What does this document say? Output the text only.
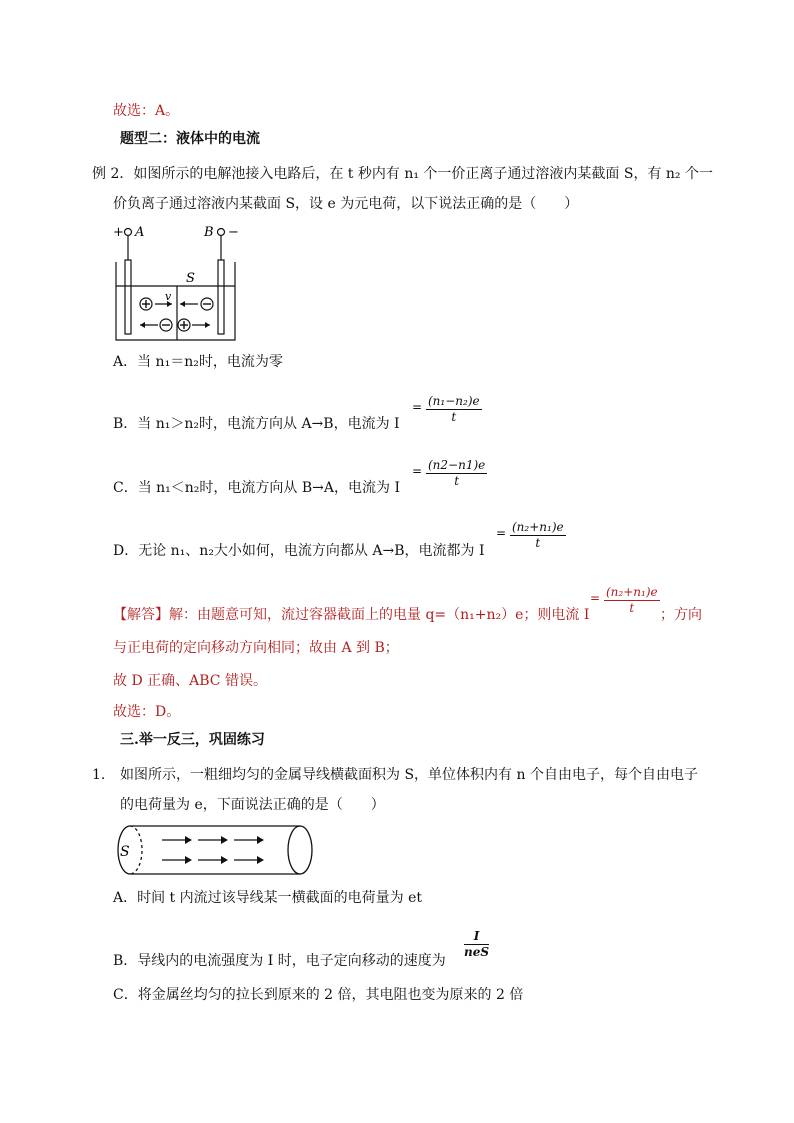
故选：A。
题型二：液体中的电流
例 2．如图所示的电解池接入电路后，在 t 秒内有 n₁ 个一价正离子通过溶液内某截面 S，有 n₂ 个一
价负离子通过溶液内某截面 S，设 e 为元电荷，以下说法正确的是（　　）
+ A	B −
S
v
A．当 n₁＝n₂时，电流为零
B．当 n₁＞n₂时，电流方向从 A→B，电流为 I
= (n₁−n₂)e
t
C．当 n₁＜n₂时，电流方向从 B→A，电流为 I
= (n2−n1)e
t
D．无论 n₁、n₂大小如何，电流方向都从 A→B，电流都为 I
= (n₂+n₁)e
t
【解答】解：由题意可知，流过容器截面上的电量 q=（n₁+n₂）e；则电流 I
= (n₂+n₁)e
t	；方向
与正电荷的定向移动方向相同；故由 A 到 B；
故 D 正确、ABC 错误。
故选：D。
三.举一反三，巩固练习
1. 如图所示，一粗细均匀的金属导线横截面积为 S，单位体积内有 n 个自由电子，每个自由电子
的电荷量为 e，下面说法正确的是（　　）
S
A．时间 t 内流过该导线某一横截面的电荷量为 et
B．导线内的电流强度为 I 时，电子定向移动的速度为
I
neS
C．将金属丝均匀的拉长到原来的 2 倍，其电阻也变为原来的 2 倍
